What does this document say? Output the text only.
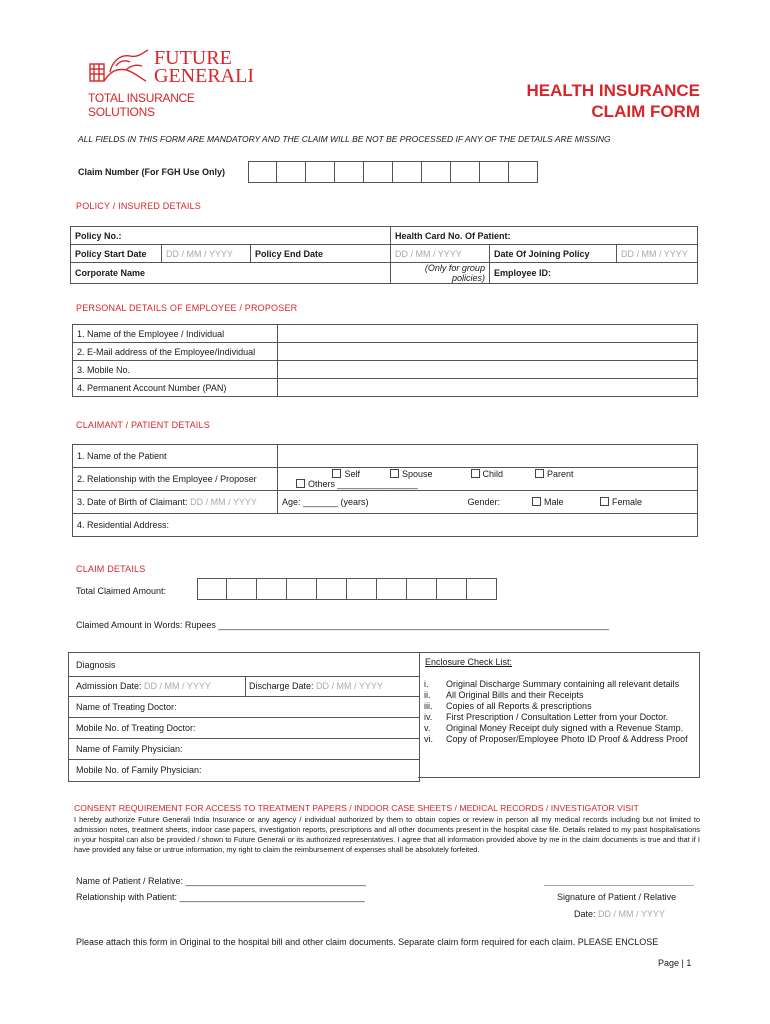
FUTURE
GENERALI
TOTAL INSURANCE SOLUTIONS
HEALTH INSURANCE
CLAIM FORM
ALL FIELDS IN THIS FORM ARE MANDATORY AND THE CLAIM WILL BE NOT BE PROCESSED IF ANY OF THE DETAILS ARE MISSING
Claim Number (For FGH Use Only)
POLICY / INSURED DETAILS
Policy No.:			Health Card No. Of Patient:		
Policy Start Date	DD / MM / YYYY	Policy End Date	DD / MM / YYYY	Date Of Joining Policy	DD / MM / YYYY
Corporate Name			(Only for group policies)	Employee ID:	
PERSONAL DETAILS OF EMPLOYEE / PROPOSER
1. Name of the Employee / Individual	
2. E-Mail address of the Employee/Individual	
3. Mobile No.	
4. Permanent Account Number (PAN)	
CLAIMANT / PATIENT DETAILS
1. Name of the Patient			
2. Relationship with the Employee / Proposer	Self Spouse Child Parent Others ________________		
3. Date of Birth of Claimant: DD / MM / YYYY	Age: _______ (years)	Gender:	Male Female
4. Residential Address:			
CLAIM DETAILS
Total Claimed Amount:
Claimed Amount in Words: Rupees ______________________________________________________________________________
Diagnosis
Admission Date: DD / MM / YYYY	Discharge Date: DD / MM / YYYY
Name of Treating Doctor:
Mobile No. of Treating Doctor:
Name of Family Physician:
Mobile No. of Family Physician:
Enclosure Check List:
i.	Original Discharge Summary containing all relevant details
ii.	All Original Bills and their Receipts
iii.	Copies of all Reports & prescriptions
iv.	First Prescription / Consultation Letter from your Doctor.
v.	Original Money Receipt duly signed with a Revenue Stamp.
vi.	Copy of Proposer/Employee Photo ID Proof & Address Proof
CONSENT REQUIREMENT FOR ACCESS TO TREATMENT PAPERS / INDOOR CASE SHEETS / MEDICAL RECORDS / INVESTIGATOR VISIT
I hereby authorize Future Generali India Insurance or any agency / individual authorized by them to obtain copies or review in person all my medical records including but not limited to admission notes, treatment sheets, indoor case papers, investigation reports, prescriptions and all other documents present in the hospital case file. Details related to my past hospitalisations in your hospital can also be provided / shown to Future Generali or its authorized representatives. I agree that all information provided above by me in the claim documents is true and that if I have provided any false or untrue information, my right to claim the reimbursement of expenses shall be absolutely forfeited.
Name of Patient / Relative: ____________________________________
Relationship with Patient: _____________________________________	Signature of Patient / Relative
Date: DD / MM / YYYY
Please attach this form in Original to the hospital bill and other claim documents. Separate claim form required for each claim. PLEASE ENCLOSE
Page | 1
